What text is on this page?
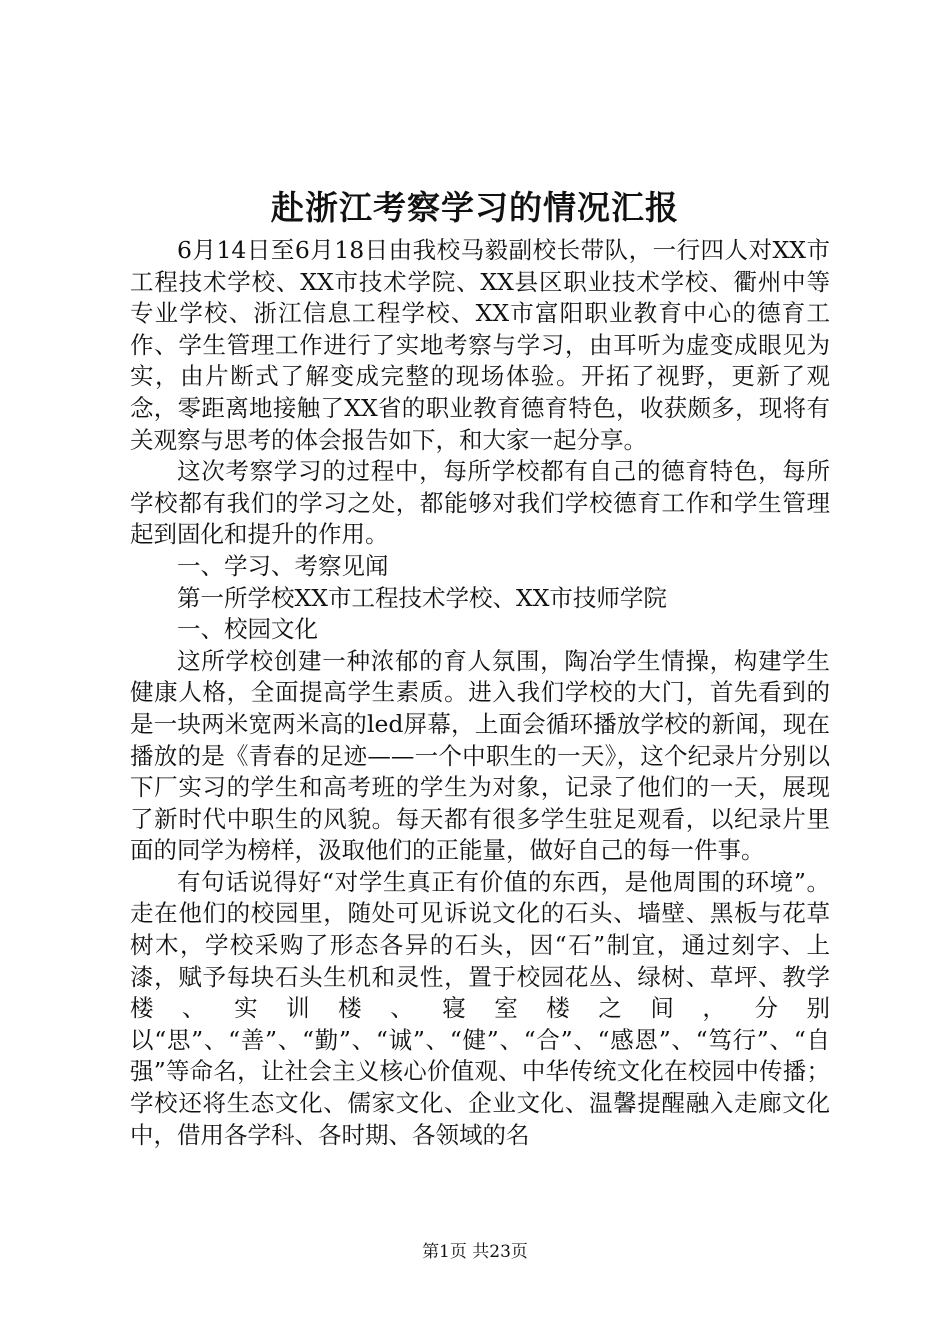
赴浙江考察学习的情况汇报

6月14日至6月18日由我校马毅副校长带队，一行四人对XX市工程技术学校、XX市技术学院、XX县区职业技术学校、衢州中等专业学校、浙江信息工程学校、XX市富阳职业教育中心的德育工作、学生管理工作进行了实地考察与学习，由耳听为虚变成眼见为实，由片断式了解变成完整的现场体验。开拓了视野，更新了观念，零距离地接触了XX省的职业教育德育特色，收获颇多，现将有关观察与思考的体会报告如下，和大家一起分享。

这次考察学习的过程中，每所学校都有自己的德育特色，每所学校都有我们的学习之处，都能够对我们学校德育工作和学生管理起到固化和提升的作用。

一、学习、考察见闻

第一所学校XX市工程技术学校、XX市技师学院

一、校园文化

这所学校创建一种浓郁的育人氛围，陶冶学生情操，构建学生健康人格，全面提高学生素质。进入我们学校的大门，首先看到的是一块两米宽两米高的led屏幕，上面会循环播放学校的新闻，现在播放的是《青春的足迹——一个中职生的一天》，这个纪录片分别以下厂实习的学生和高考班的学生为对象，记录了他们的一天，展现了新时代中职生的风貌。每天都有很多学生驻足观看，以纪录片里面的同学为榜样，汲取他们的正能量，做好自己的每一件事。

有句话说得好“对学生真正有价值的东西，是他周围的环境”。走在他们的校园里，随处可见诉说文化的石头、墙壁、黑板与花草树木，学校采购了形态各异的石头，因“石”制宜，通过刻字、上漆，赋予每块石头生机和灵性，置于校园花丛、绿树、草坪、教学楼、实训楼、寝室楼之间，分别以“思”、“善”、“勤”、“诚”、“健”、“合”、“感恩”、“笃行”、“自强”等命名，让社会主义核心价值观、中华传统文化在校园中传播；学校还将生态文化、儒家文化、企业文化、温馨提醒融入走廊文化中，借用各学科、各时期、各领域的名

第1页 共23页
